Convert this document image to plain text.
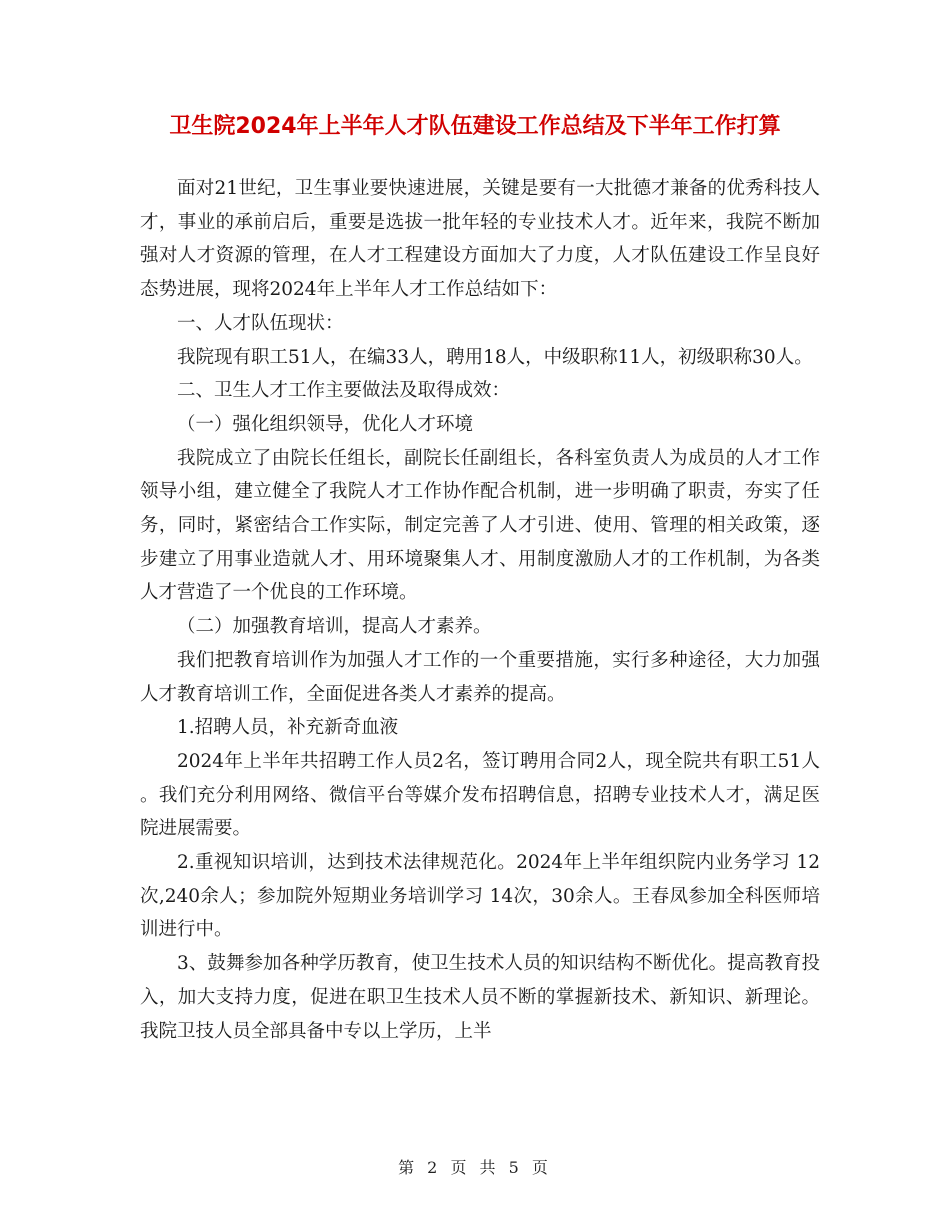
卫生院2024年上半年人才队伍建设工作总结及下半年工作打算

面对21世纪，卫生事业要快速进展，关键是要有一大批德才兼备的优秀科技人才，事业的承前启后，重要是选拔一批年轻的专业技术人才。近年来，我院不断加强对人才资源的管理，在人才工程建设方面加大了力度，人才队伍建设工作呈良好态势进展，现将2024年上半年人才工作总结如下：

一、人才队伍现状：

我院现有职工51人，在编33人，聘用18人，中级职称11人，初级职称30人。

二、卫生人才工作主要做法及取得成效：

（一）强化组织领导，优化人才环境

我院成立了由院长任组长，副院长任副组长，各科室负责人为成员的人才工作领导小组，建立健全了我院人才工作协作配合机制，进一步明确了职责，夯实了任务，同时，紧密结合工作实际，制定完善了人才引进、使用、管理的相关政策，逐步建立了用事业造就人才、用环境聚集人才、用制度激励人才的工作机制，为各类人才营造了一个优良的工作环境。

（二）加强教育培训，提高人才素养。

我们把教育培训作为加强人才工作的一个重要措施，实行多种途径，大力加强人才教育培训工作，全面促进各类人才素养的提高。

1.招聘人员，补充新奇血液

2024年上半年共招聘工作人员2名，签订聘用合同2人，现全院共有职工51人 。我们充分利用网络、微信平台等媒介发布招聘信息，招聘专业技术人才，满足医院进展需要。

2.重视知识培训，达到技术法律规范化。2024年上半年组织院内业务学习 12次,240余人；参加院外短期业务培训学习 14次，30余人。王春凤参加全科医师培训进行中。

3、鼓舞参加各种学历教育，使卫生技术人员的知识结构不断优化。提高教育投入，加大支持力度，促进在职卫生技术人员不断的掌握新技术、新知识、新理论。我院卫技人员全部具备中专以上学历，上半

第 2 页 共 5 页
